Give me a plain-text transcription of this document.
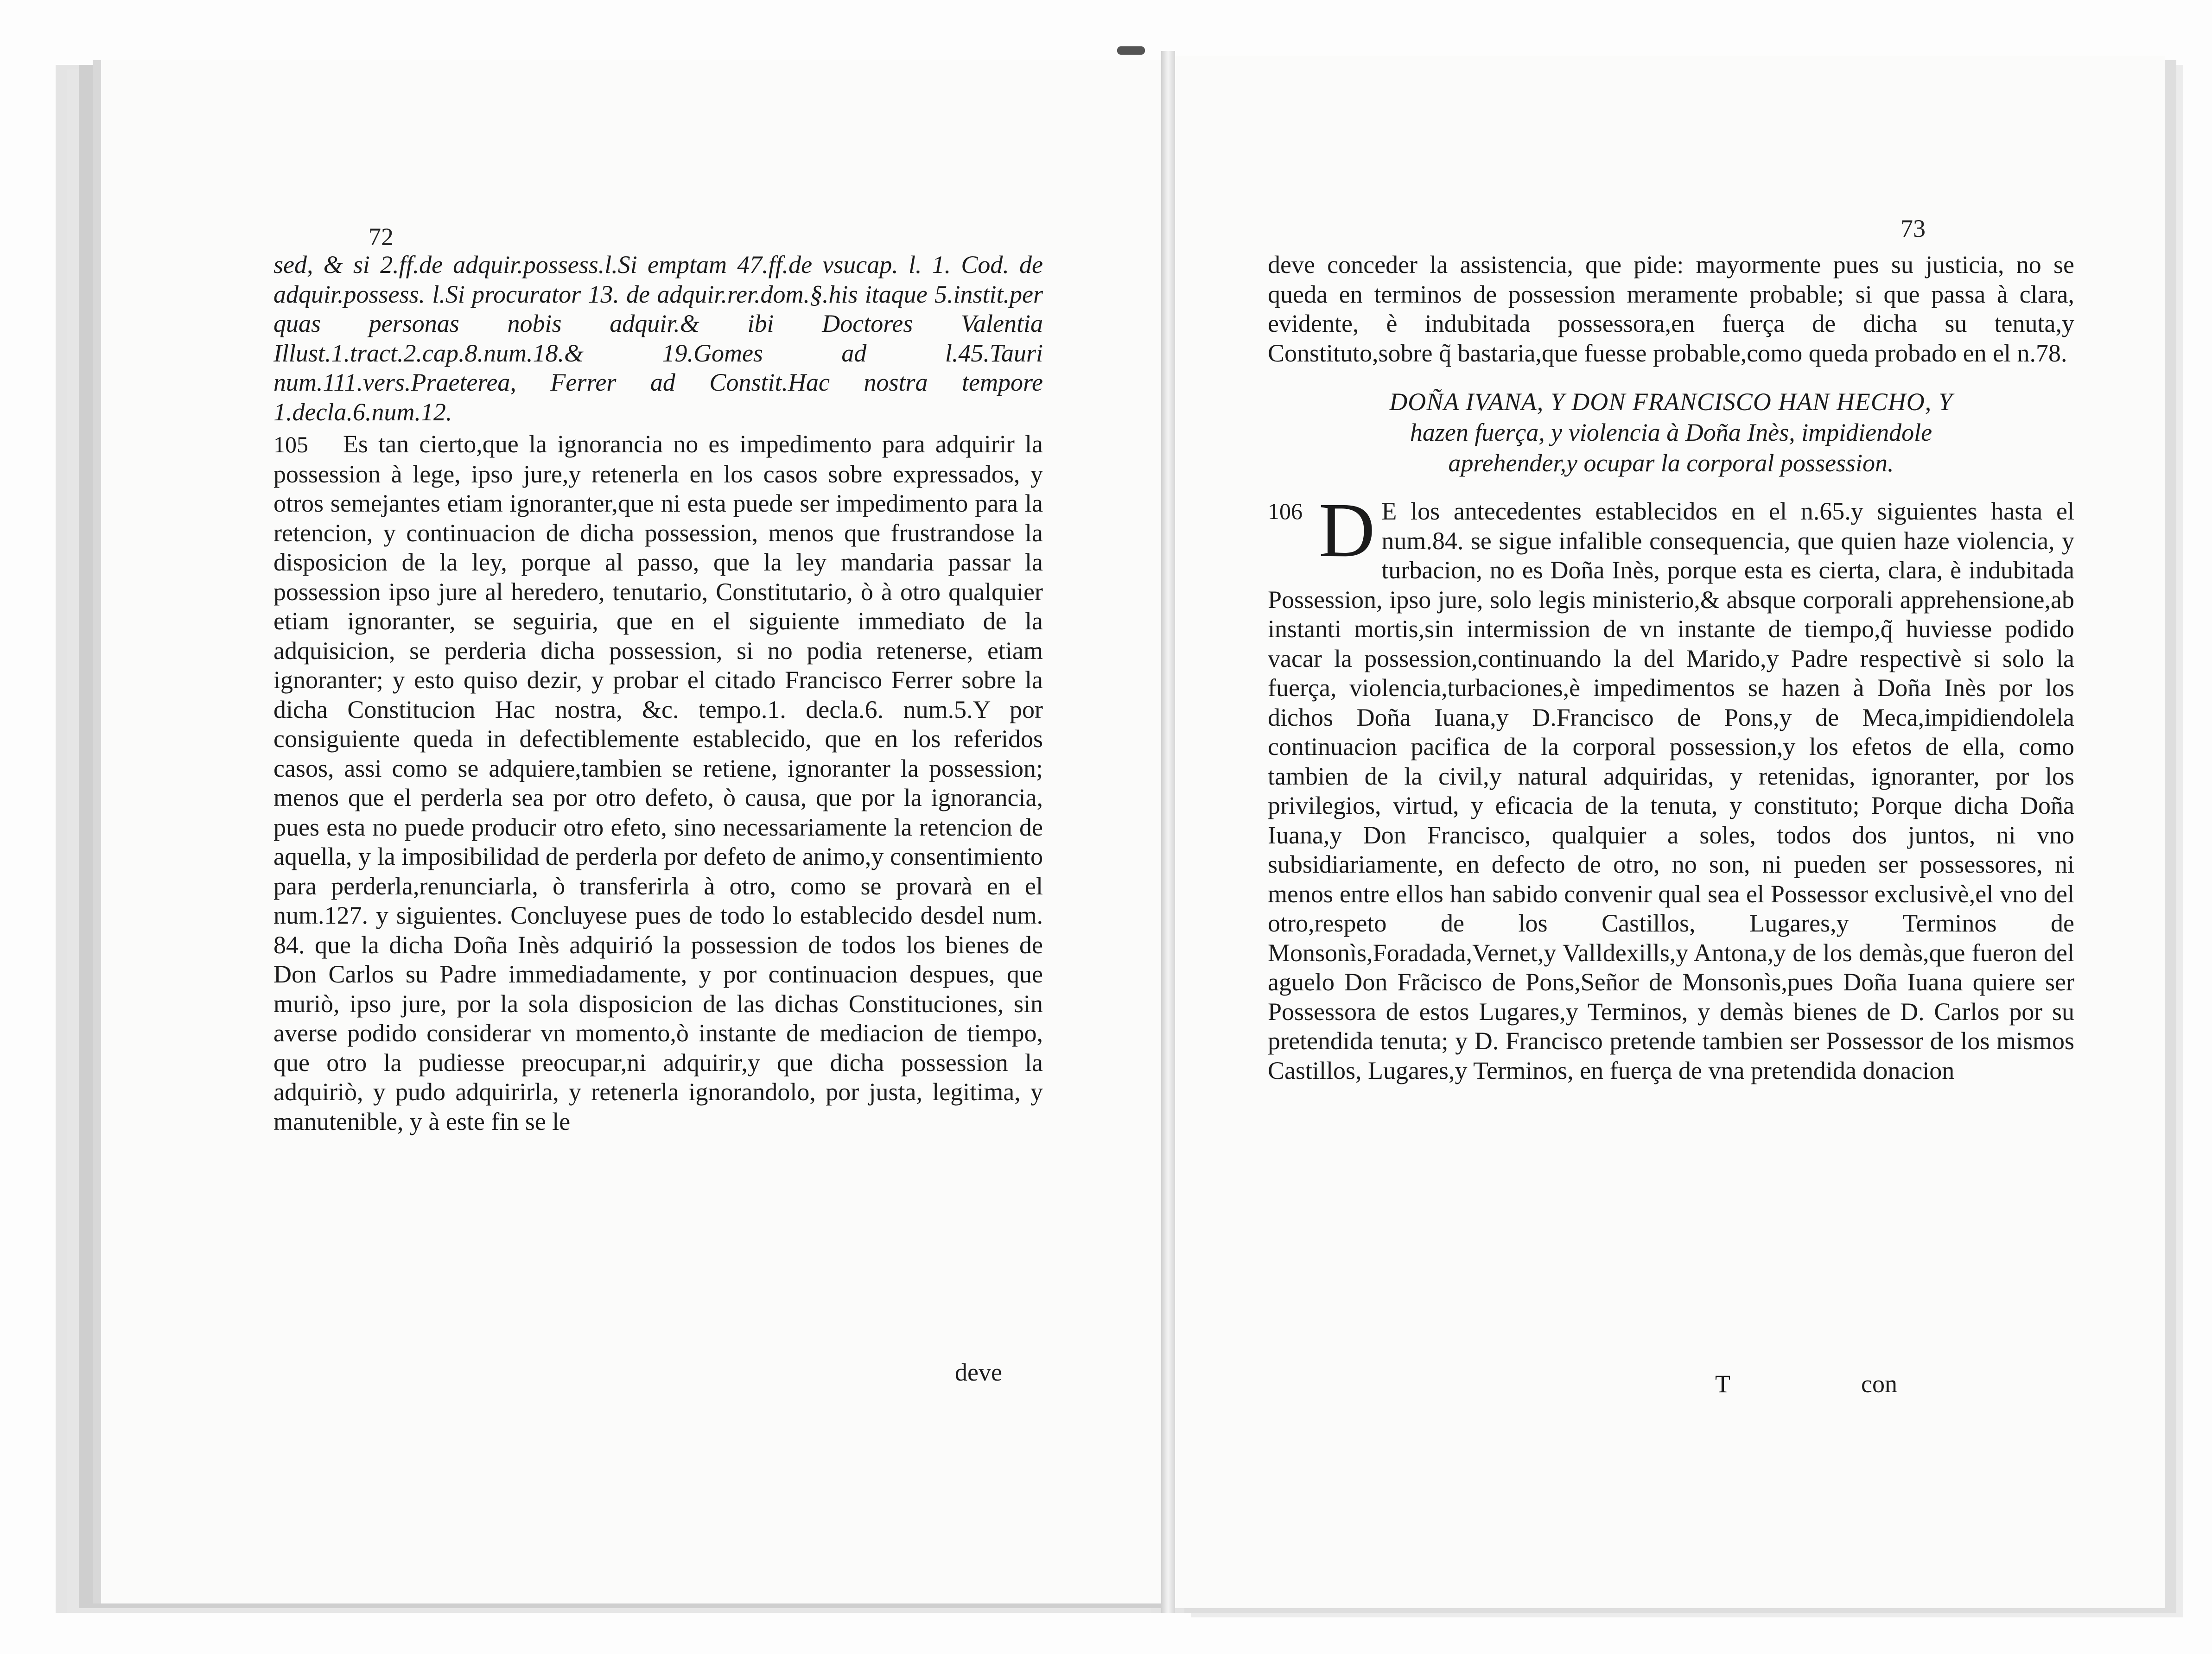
72

sed, & si 2.ff.de adquir.possess.l.Si emptam 47.ff.de vsucap. l. 1. Cod. de adquir.possess. l.Si procurator 13. de adquir.rer.dom.§.his itaque 5.instit.per quas personas nobis adquir.& ibi Doctores Valentia Illust.1.tract.2.cap.8.num.18.& 19.Gomes ad l.45.Tauri num.111.vers.Praeterea, Ferrer ad Constit.Hac nostra tempore 1.decla.6.num.12.

105 Es tan cierto,que la ignorancia no es impedimento para adquirir la possession à lege, ipso jure,y retenerla en los casos sobre expressados, y otros semejantes etiam ignoranter,que ni esta puede ser impedimento para la retencion, y continuacion de dicha possession, menos que frustrandose la disposicion de la ley, porque al passo, que la ley mandaria passar la possession ipso jure al heredero, tenutario, Constitutario, ò à otro qualquier etiam ignoranter, se seguiria, que en el siguiente immediato de la adquisicion, se perderia dicha possession, si no podia retenerse, etiam ignoranter; y esto quiso dezir, y probar el citado Francisco Ferrer sobre la dicha Constitucion Hac nostra, &c. tempo.1. decla.6. num.5.Y por consiguiente queda in defectiblemente establecido, que en los referidos casos, assi como se adquiere,tambien se retiene, ignoranter la possession; menos que el perderla sea por otro defeto, ò causa, que por la ignorancia, pues esta no puede producir otro efeto, sino necessariamente la retencion de aquella, y la imposibilidad de perderla por defeto de animo,y consentimiento para perderla,renunciarla, ò transferirla à otro, como se provarà en el num.127. y siguientes. Concluyese pues de todo lo establecido desdel num. 84. que la dicha Doña Inès adquirió la possession de todos los bienes de Don Carlos su Padre immediadamente, y por continuacion despues, que muriò, ipso jure, por la sola disposicion de las dichas Constituciones, sin averse podido considerar vn momento,ò instante de mediacion de tiempo, que otro la pudiesse preocupar,ni adquirir,y que dicha possession la adquiriò, y pudo adquirirla, y retenerla ignorandolo, por justa, legitima, y manutenible, y à este fin se le

deve
73

deve conceder la assistencia, que pide: mayormente pues su justicia, no se queda en terminos de possession meramente probable; si que passa à clara, evidente, è indubitada possessora,en fuerça de dicha su tenuta,y Constituto,sobre q̃ bastaria,que fuesse probable,como queda probado en el n.78.

DOÑA IVANA, Y DON FRANCISCO HAN HECHO, Y
hazen fuerça, y violencia à Doña Inès, impidiendole
aprehender,y ocupar la corporal possession.

106 D E los antecedentes establecidos en el n.65.y siguientes hasta el num.84. se sigue infalible consequencia, que quien haze violencia, y turbacion, no es Doña Inès, porque esta es cierta, clara, è indubitada Possession, ipso jure, solo legis ministerio,& absque corporali apprehensione,ab instanti mortis,sin intermission de vn instante de tiempo,q̃ huviesse podido vacar la possession,continuando la del Marido,y Padre respectivè si solo la fuerça, violencia,turbaciones,è impedimentos se hazen à Doña Inès por los dichos Doña Iuana,y D.Francisco de Pons,y de Meca,impidiendolela continuacion pacifica de la corporal possession,y los efetos de ella, como tambien de la civil,y natural adquiridas, y retenidas, ignoranter, por los privilegios, virtud, y eficacia de la tenuta, y constituto; Porque dicha Doña Iuana,y Don Francisco, qualquier a soles, todos dos juntos, ni vno subsidiariamente, en defecto de otro, no son, ni pueden ser possessores, ni menos entre ellos han sabido convenir qual sea el Possessor exclusivè,el vno del otro,respeto de los Castillos, Lugares,y Terminos de Monsonìs,Foradada,Vernet,y Valldexills,y Antona,y de los demàs,que fueron del aguelo Don Frãcisco de Pons,Señor de Monsonìs,pues Doña Iuana quiere ser Possessora de estos Lugares,y Terminos, y demàs bienes de D. Carlos por su pretendida tenuta; y D. Francisco pretende tambien ser Possessor de los mismos Castillos, Lugares,y Terminos, en fuerça de vna pretendida donacion

T	con
